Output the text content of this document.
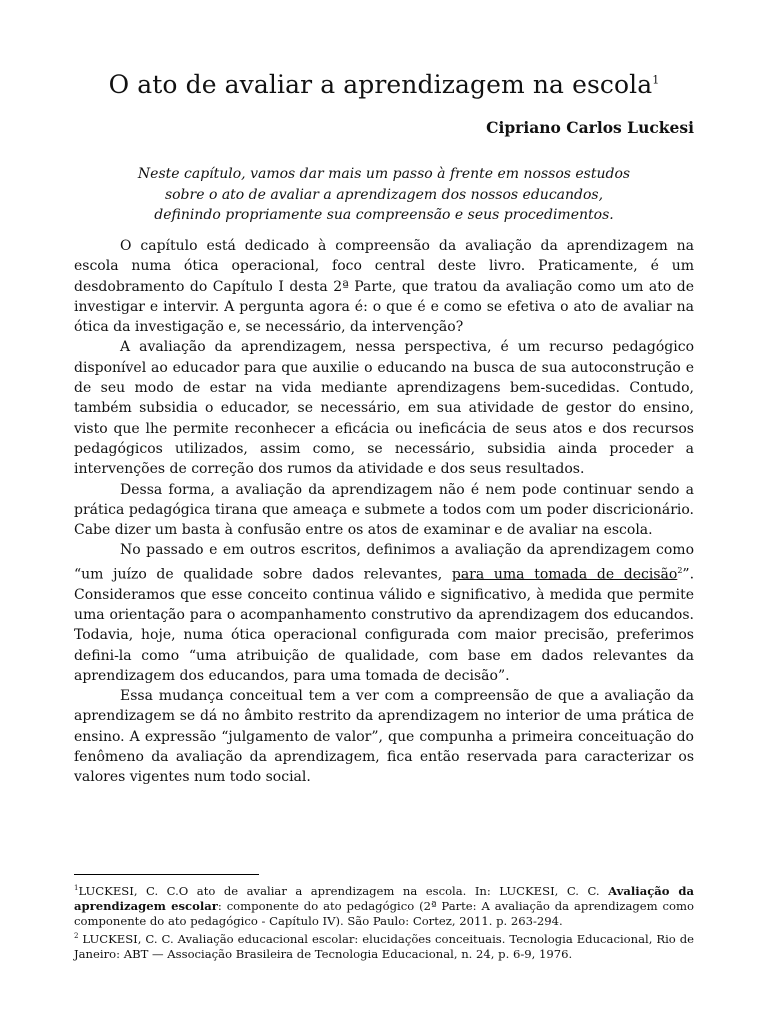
O ato de avaliar a aprendizagem na escola$^1$
Cipriano Carlos Luckesi
Neste capítulo, vamos dar mais um passo à frente em nossos estudos
sobre o ato de avaliar a aprendizagem dos nossos educandos,
definindo propriamente sua compreensão e seus procedimentos.

O capítulo está dedicado à compreensão da avaliação da aprendizagem na escola numa ótica operacional, foco central deste livro. Praticamente, é um desdobramento do Capítulo I desta 2ª Parte, que tratou da avaliação como um ato de investigar e intervir. A pergunta agora é: o que é e como se efetiva o ato de avaliar na ótica da investigação e, se necessário, da intervenção?

A avaliação da aprendizagem, nessa perspectiva, é um recurso pedagógico disponível ao educador para que auxilie o educando na busca de sua autoconstrução e de seu modo de estar na vida mediante aprendizagens bem-sucedidas. Contudo, também subsidia o educador, se necessário, em sua atividade de gestor do ensino, visto que lhe permite reconhecer a eficácia ou ineficácia de seus atos e dos recursos pedagógicos utilizados, assim como, se necessário, subsidia ainda proceder a intervenções de correção dos rumos da atividade e dos seus resultados.

Dessa forma, a avaliação da aprendizagem não é nem pode continuar sendo a prática pedagógica tirana que ameaça e submete a todos com um poder discricionário. Cabe dizer um basta à confusão entre os atos de examinar e de avaliar na escola.

No passado e em outros escritos, definimos a avaliação da aprendizagem como “um juízo de qualidade sobre dados relevantes, para uma tomada de decisão$^2$”. Consideramos que esse conceito continua válido e significativo, à medida que permite uma orientação para o acompanhamento construtivo da aprendizagem dos educandos. Todavia, hoje, numa ótica operacional configurada com maior precisão, preferimos defini-la como “uma atribuição de qualidade, com base em dados relevantes da aprendizagem dos educandos, para uma tomada de decisão”.

Essa mudança conceitual tem a ver com a compreensão de que a avaliação da aprendizagem se dá no âmbito restrito da aprendizagem no interior de uma prática de ensino. A expressão “julgamento de valor”, que compunha a primeira conceituação do fenômeno da avaliação da aprendizagem, fica então reservada para caracterizar os valores vigentes num todo social.

$^1$LUCKESI, C. C.O ato de avaliar a aprendizagem na escola. In: LUCKESI, C. C. Avaliação da aprendizagem escolar: componente do ato pedagógico (2ª Parte: A avaliação da aprendizagem como componente do ato pedagógico - Capítulo IV). São Paulo: Cortez, 2011. p. 263-294.

$^2$ LUCKESI, C. C. Avaliação educacional escolar: elucidações conceituais. Tecnologia Educacional, Rio de Janeiro: ABT — Associação Brasileira de Tecnologia Educacional, n. 24, p. 6-9, 1976.
